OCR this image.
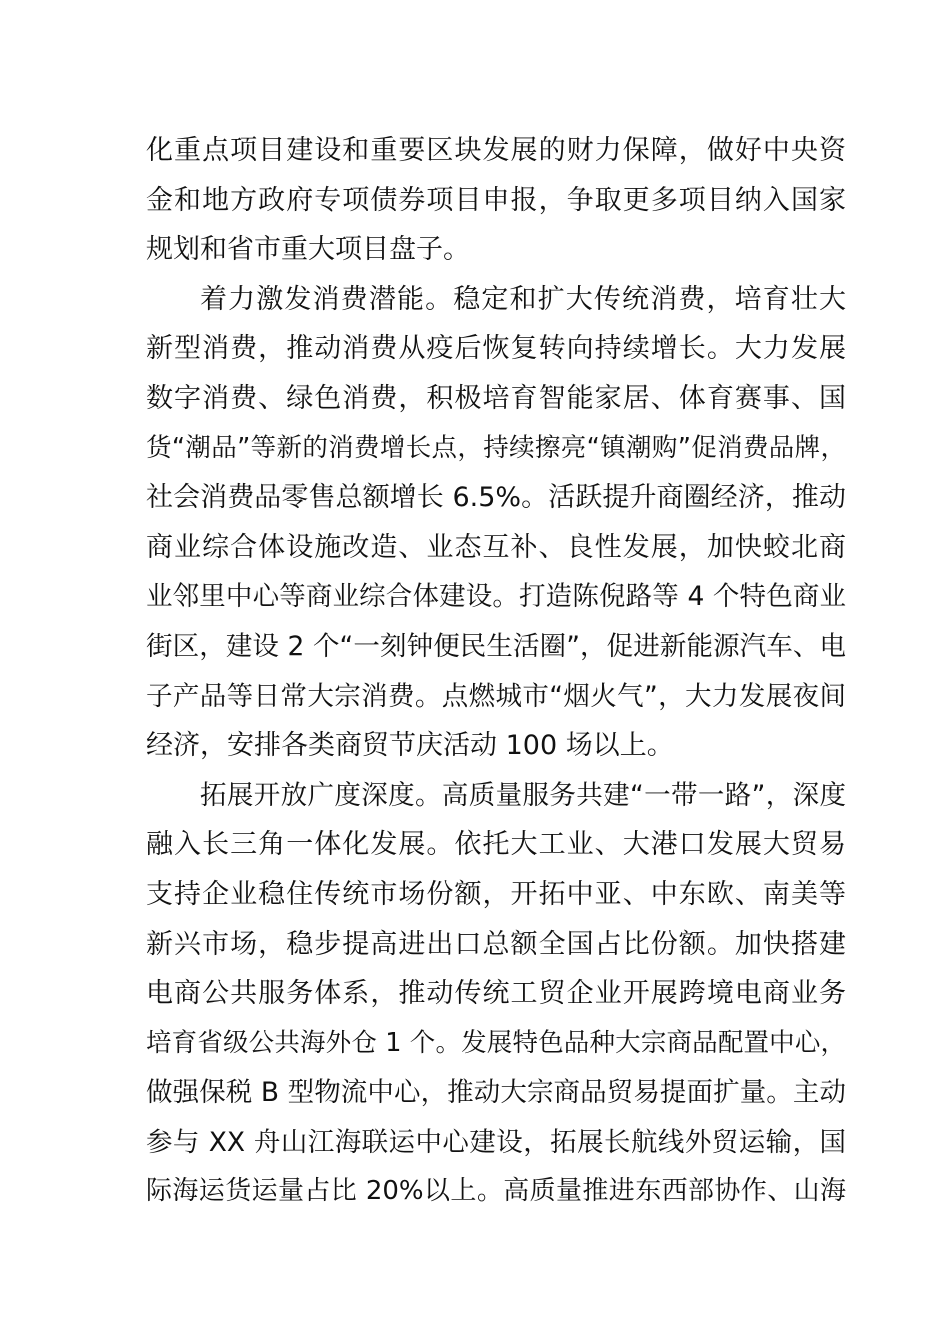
化重点项目建设和重要区块发展的财力保障，做好中央资
金和地方政府专项债券项目申报，争取更多项目纳入国家
规划和省市重大项目盘子。
着力激发消费潜能。稳定和扩大传统消费，培育壮大
新型消费，推动消费从疫后恢复转向持续增长。大力发展
数字消费、绿色消费，积极培育智能家居、体育赛事、国
货“潮品”等新的消费增长点，持续擦亮“镇潮购”促消费品牌，
社会消费品零售总额增长 6.5%。活跃提升商圈经济，推动
商业综合体设施改造、业态互补、良性发展，加快蛟北商
业邻里中心等商业综合体建设。打造陈倪路等 4 个特色商业
街区，建设 2 个“一刻钟便民生活圈”，促进新能源汽车、电
子产品等日常大宗消费。点燃城市“烟火气”，大力发展夜间
经济，安排各类商贸节庆活动 100 场以上。
拓展开放广度深度。高质量服务共建“一带一路”，深度
融入长三角一体化发展。依托大工业、大港口发展大贸易
支持企业稳住传统市场份额，开拓中亚、中东欧、南美等
新兴市场，稳步提高进出口总额全国占比份额。加快搭建
电商公共服务体系，推动传统工贸企业开展跨境电商业务
培育省级公共海外仓 1 个。发展特色品种大宗商品配置中心，
做强保税 B 型物流中心，推动大宗商品贸易提面扩量。主动
参与 XX 舟山江海联运中心建设，拓展长航线外贸运输，国
际海运货运量占比 20%以上。高质量推进东西部协作、山海
